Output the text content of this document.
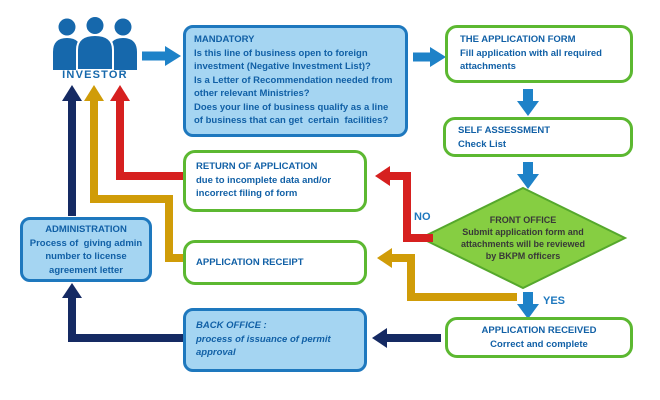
INVESTOR
MANDATORY
Is this line of business open to foreign
investment (Negative Investment List)?
Is a Letter of Recommendation needed from
other relevant Ministries?
Does your line of business qualify as a line
of business that can get  certain  facilities?
THE APPLICATION FORM
Fill application with all required
attachments
SELF ASSESSMENT
Check List
FRONT OFFICE
Submit application form and
attachments will be reviewed
by BKPM officers
NO
YES
RETURN OF APPLICATION
due to incomplete data and/or
incorrect filing of form
APPLICATION RECEIPT
BACK OFFICE :
process of issuance of permit
approval
APPLICATION RECEIVED
Correct and complete
ADMINISTRATION
Process of  giving admin
number to license
agreement letter
